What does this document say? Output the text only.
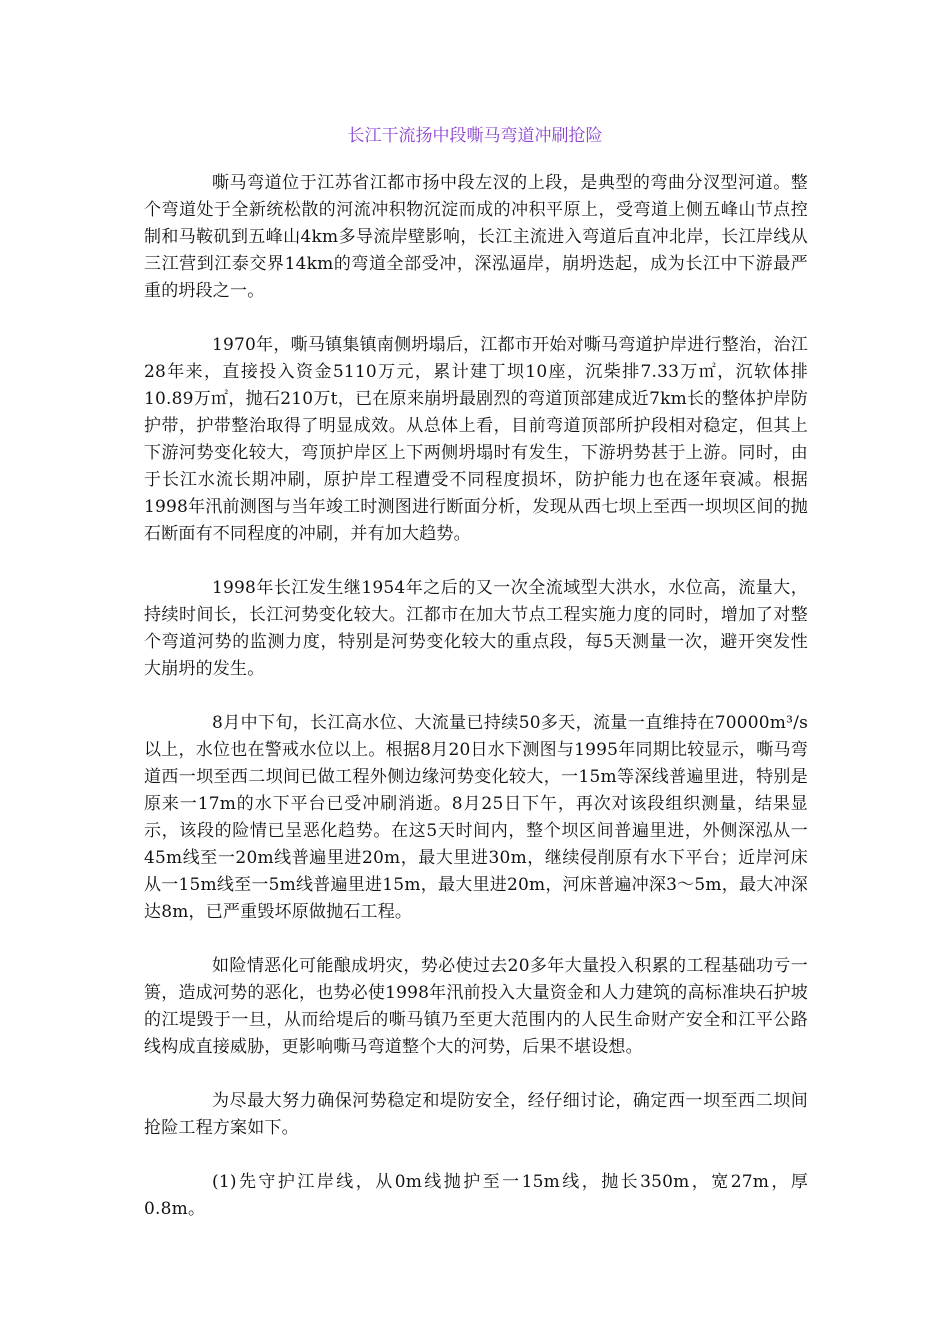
长江干流扬中段嘶马弯道冲刷抢险

嘶马弯道位于江苏省江都市扬中段左汊的上段，是典型的弯曲分汊型河道。整个弯道处于全新统松散的河流冲积物沉淀而成的冲积平原上，受弯道上侧五峰山节点控制和马鞍矶到五峰山4km多导流岸壁影响，长江主流进入弯道后直冲北岸，长江岸线从三江营到江泰交界14km的弯道全部受冲，深泓逼岸，崩坍迭起，成为长江中下游最严重的坍段之一。

1970年，嘶马镇集镇南侧坍塌后，江都市开始对嘶马弯道护岸进行整治，治江28年来，直接投入资金5110万元，累计建丁坝10座，沉柴排7.33万㎡，沉软体排10.89万㎡，抛石210万t，已在原来崩坍最剧烈的弯道顶部建成近7km长的整体护岸防护带，护带整治取得了明显成效。从总体上看，目前弯道顶部所护段相对稳定，但其上下游河势变化较大，弯顶护岸区上下两侧坍塌时有发生，下游坍势甚于上游。同时，由于长江水流长期冲刷，原护岸工程遭受不同程度损坏，防护能力也在逐年衰减。根据1998年汛前测图与当年竣工时测图进行断面分析，发现从西七坝上至西一坝坝区间的抛石断面有不同程度的冲刷，并有加大趋势。

1998年长江发生继1954年之后的又一次全流域型大洪水，水位高，流量大，持续时间长，长江河势变化较大。江都市在加大节点工程实施力度的同时，增加了对整个弯道河势的监测力度，特别是河势变化较大的重点段，每5天测量一次，避开突发性大崩坍的发生。

8月中下旬，长江高水位、大流量已持续50多天，流量一直维持在70000m³/s以上，水位也在警戒水位以上。根据8月20日水下测图与1995年同期比较显示，嘶马弯道西一坝至西二坝间已做工程外侧边缘河势变化较大，一15m等深线普遍里进，特别是原来一17m的水下平台已受冲刷消逝。8月25日下午，再次对该段组织测量，结果显示，该段的险情已呈恶化趋势。在这5天时间内，整个坝区间普遍里进，外侧深泓从一45m线至一20m线普遍里进20m，最大里进30m，继续侵削原有水下平台；近岸河床从一15m线至一5m线普遍里进15m，最大里进20m，河床普遍冲深3～5m，最大冲深达8m，已严重毁坏原做抛石工程。

如险情恶化可能酿成坍灾，势必使过去20多年大量投入积累的工程基础功亏一篑，造成河势的恶化，也势必使1998年汛前投入大量资金和人力建筑的高标准块石护坡的江堤毁于一旦，从而给堤后的嘶马镇乃至更大范围内的人民生命财产安全和江平公路线构成直接威胁，更影响嘶马弯道整个大的河势，后果不堪设想。

为尽最大努力确保河势稳定和堤防安全，经仔细讨论，确定西一坝至西二坝间抢险工程方案如下。

(1)先守护江岸线，从0m线抛护至一15m线，抛长350m，宽27m，厚0.8m。
